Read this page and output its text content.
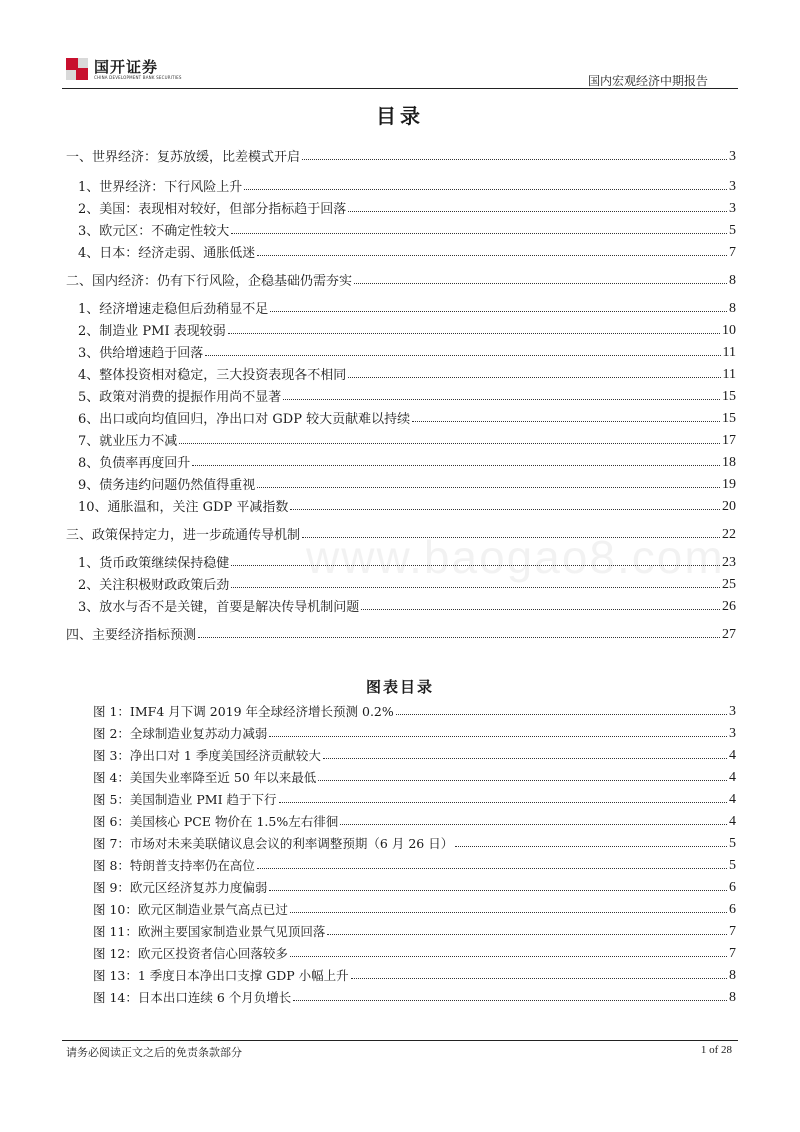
国开证券
CHINA DEVELOPMENT BANK SECURITIES	国内宏观经济中期报告
www.baogao8.com
目录
一、世界经济：复苏放缓，比差模式开启	3
1、世界经济：下行风险上升	3
2、美国：表现相对较好，但部分指标趋于回落	3
3、欧元区：不确定性较大	5
4、日本：经济走弱、通胀低迷	7
二、国内经济：仍有下行风险，企稳基础仍需夯实	8
1、经济增速走稳但后劲稍显不足	8
2、制造业 PMI 表现较弱	10
3、供给增速趋于回落	11
4、整体投资相对稳定，三大投资表现各不相同	11
5、政策对消费的提振作用尚不显著	15
6、出口或向均值回归，净出口对 GDP 较大贡献难以持续	15
7、就业压力不减	17
8、负债率再度回升	18
9、债务违约问题仍然值得重视	19
10、通胀温和，关注 GDP 平减指数	20
三、政策保持定力，进一步疏通传导机制	22
1、货币政策继续保持稳健	23
2、关注积极财政政策后劲	25
3、放水与否不是关键，首要是解决传导机制问题	26
四、主要经济指标预测	27
图表目录
图 1：IMF4 月下调 2019 年全球经济增长预测 0.2%	3
图 2：全球制造业复苏动力减弱	3
图 3：净出口对 1 季度美国经济贡献较大	4
图 4：美国失业率降至近 50 年以来最低	4
图 5：美国制造业 PMI 趋于下行	4
图 6：美国核心 PCE 物价在 1.5%左右徘徊	4
图 7：市场对未来美联储议息会议的利率调整预期（6 月 26 日）	5
图 8：特朗普支持率仍在高位	5
图 9：欧元区经济复苏力度偏弱	6
图 10：欧元区制造业景气高点已过	6
图 11：欧洲主要国家制造业景气见顶回落	7
图 12：欧元区投资者信心回落较多	7
图 13：1 季度日本净出口支撑 GDP 小幅上升	8
图 14：日本出口连续 6 个月负增长	8
请务必阅读正文之后的免责条款部分	1 of 28
